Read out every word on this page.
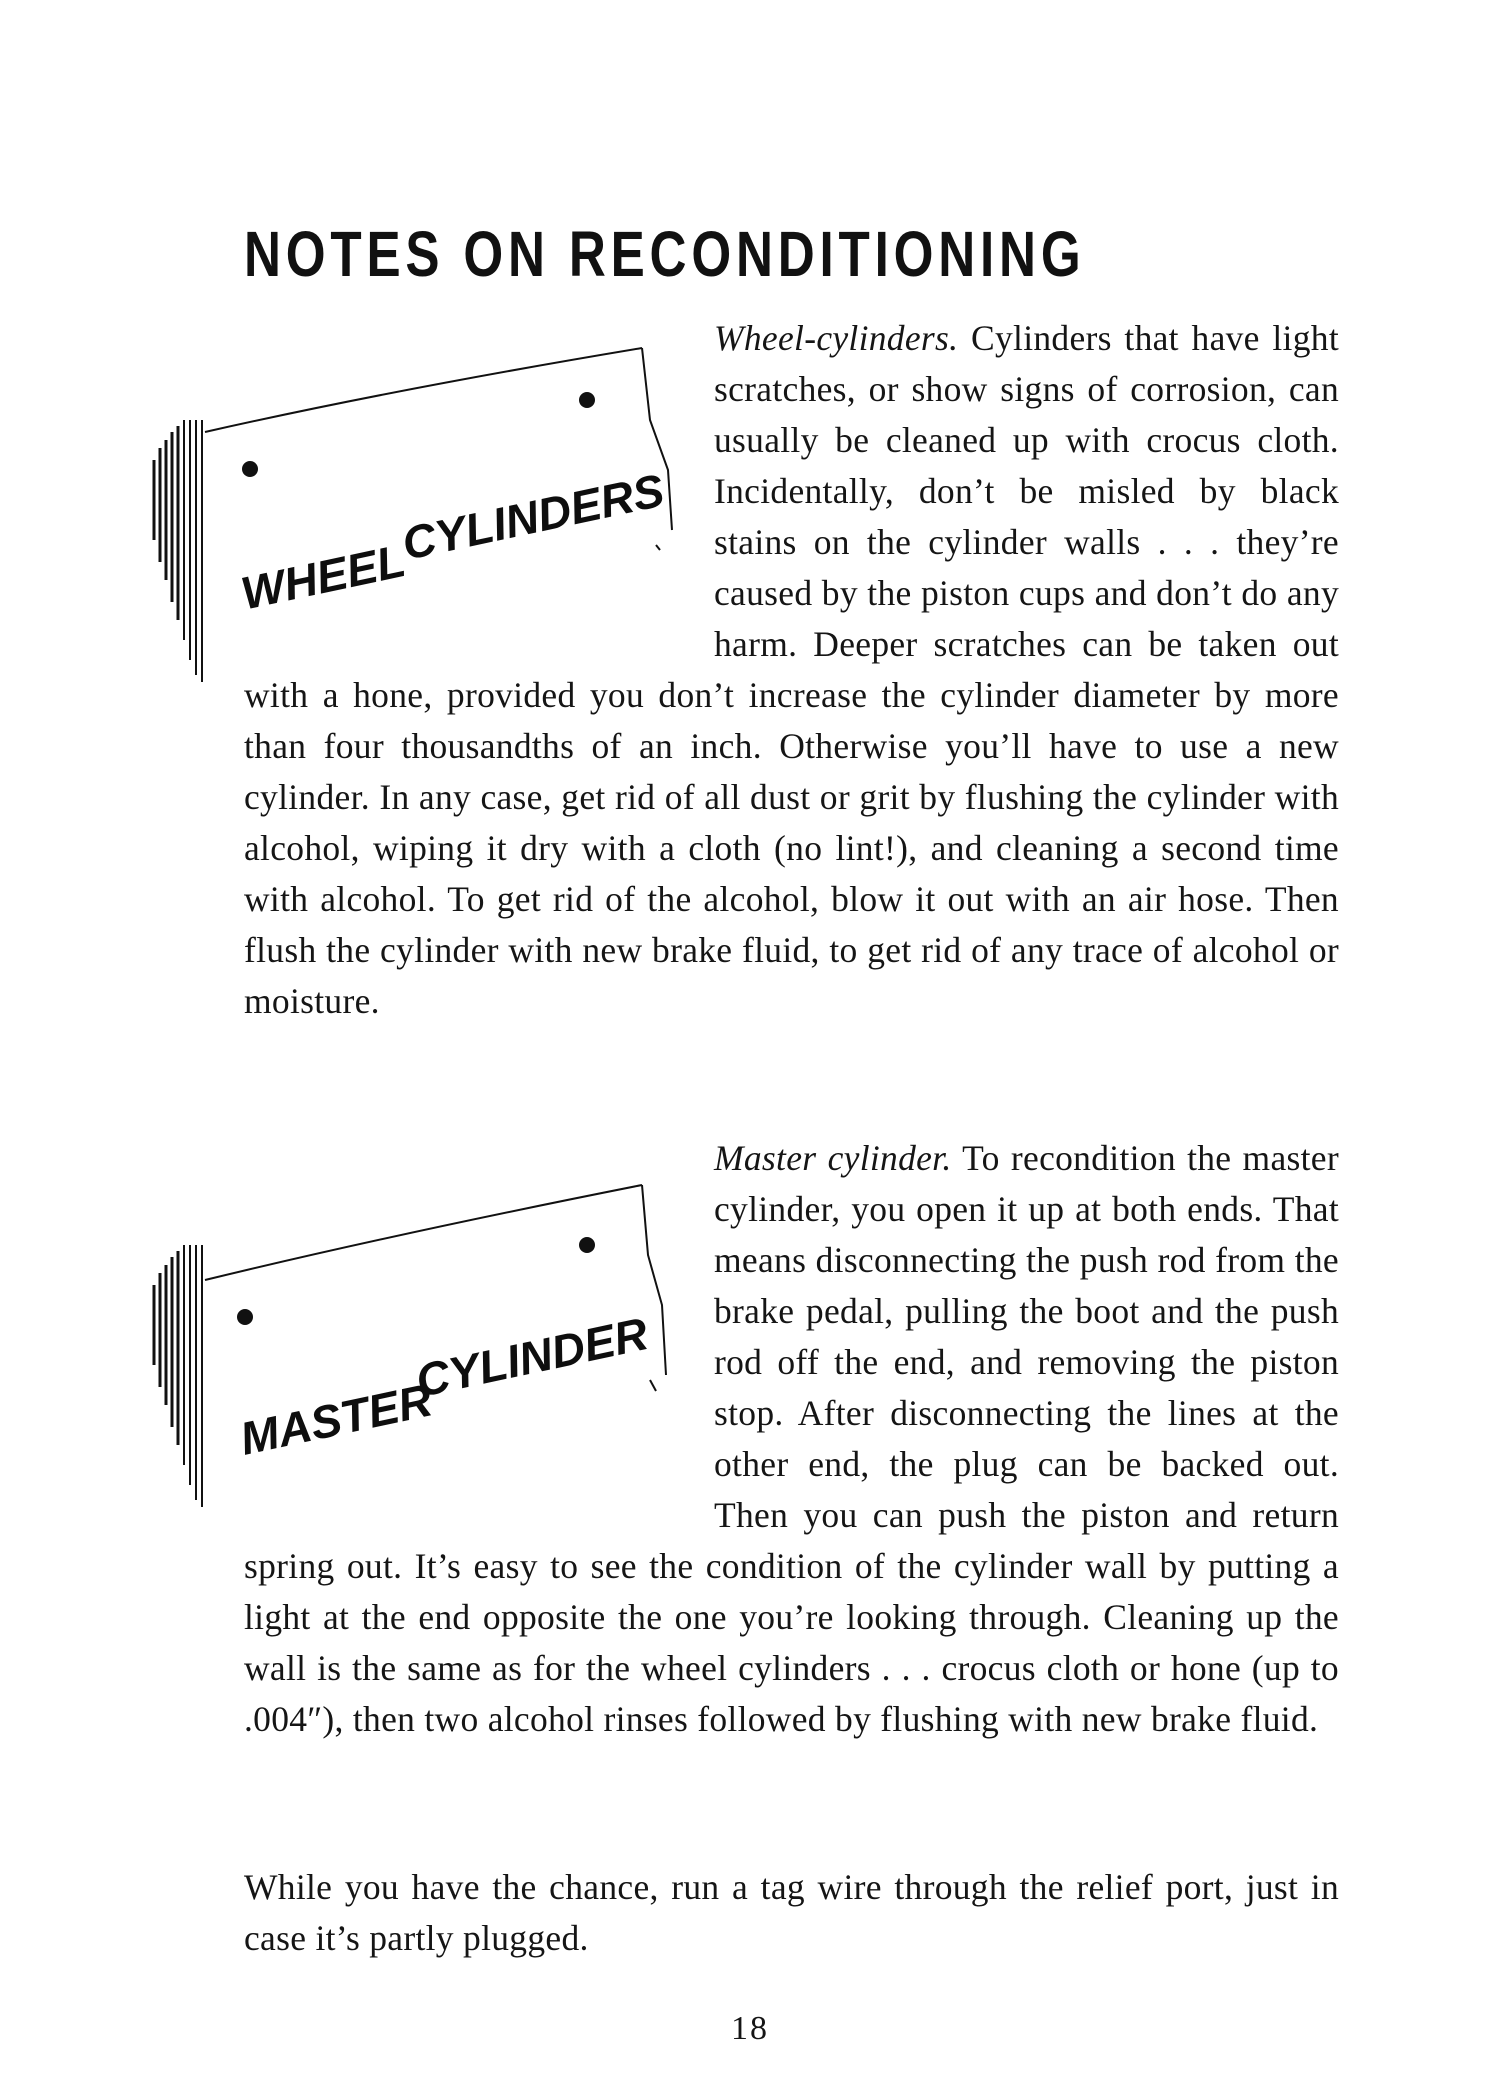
NOTES ON RECONDITIONING
WHEEL
CYLINDERS

Wheel-cylinders. Cylinders that have light scratches, or show signs of corrosion, can usually be cleaned up with crocus cloth. Incidentally, don’t be misled by black stains on the cylinder walls . . . they’re caused by the piston cups and don’t do any harm. Deeper scratches can be taken out with a hone, provided you don’t increase the cylinder diameter by more than four thousandths of an inch. Otherwise you’ll have to use a new cylinder. In any case, get rid of all dust or grit by flushing the cylinder with alcohol, wiping it dry with a cloth (no lint!), and cleaning a second time with alcohol. To get rid of the alcohol, blow it out with an air hose. Then flush the cylinder with new brake fluid, to get rid of any trace of alcohol or moisture.

MASTER
CYLINDER

Master cylinder. To recondition the master cylinder, you open it up at both ends. That means disconnecting the push rod from the brake pedal, pulling the boot and the push rod off the end, and removing the piston stop. After disconnecting the lines at the other end, the plug can be backed out. Then you can push the piston and return spring out. It’s easy to see the condition of the cylinder wall by putting a light at the end opposite the one you’re looking through. Cleaning up the wall is the same as for the wheel cylinders . . . crocus cloth or hone (up to .004″), then two alcohol rinses followed by flushing with new brake fluid.

While you have the chance, run a tag wire through the relief port, just in case it’s partly plugged.

18
